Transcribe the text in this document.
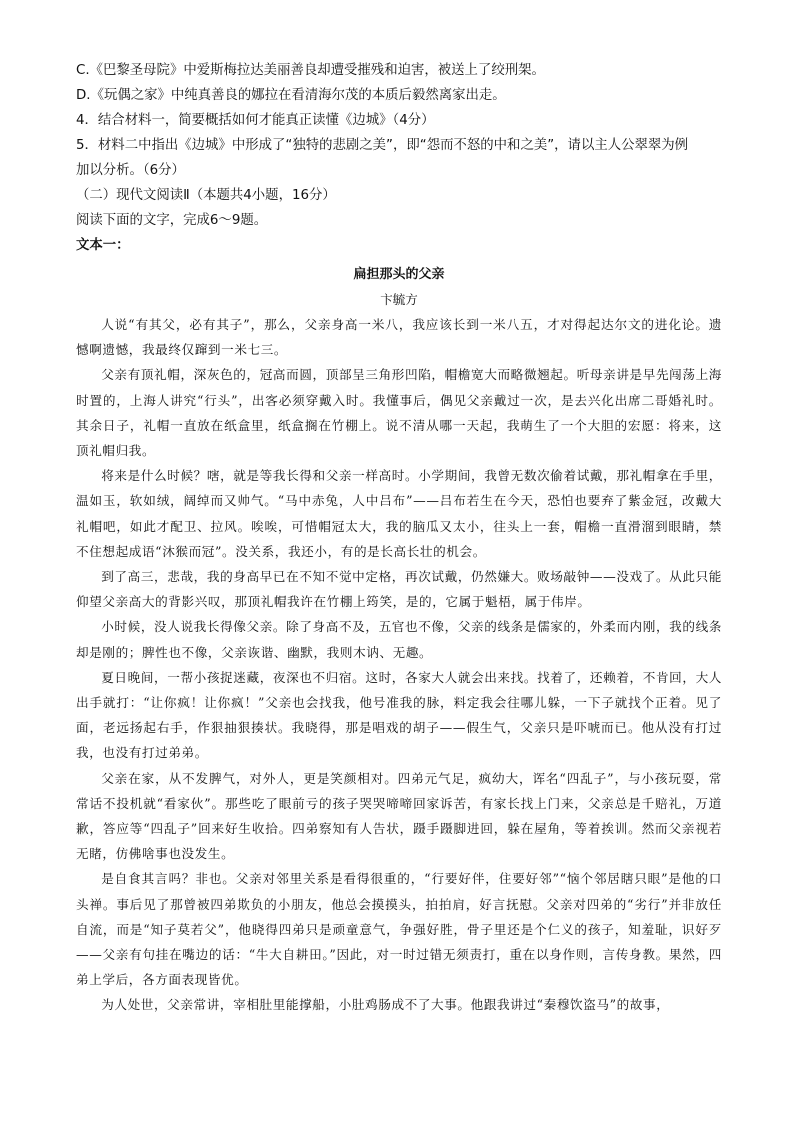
C.《巴黎圣母院》中爱斯梅拉达美丽善良却遭受摧残和迫害，被送上了绞刑架。
D.《玩偶之家》中纯真善良的娜拉在看清海尔茂的本质后毅然离家出走。
4．结合材料一，简要概括如何才能真正读懂《边城》（4分）
5．材料二中指出《边城》中形成了“独特的悲剧之美”，即“怨而不怒的中和之美”，请以主人公翠翠为例
加以分析。（6分）
（二）现代文阅读Ⅱ（本题共4小题，16分）
阅读下面的文字，完成6～9题。
文本一：
扁担那头的父亲
卞毓方

人说“有其父，必有其子”，那么，父亲身高一米八，我应该长到一米八五，才对得起达尔文的进化论。遗憾啊遗憾，我最终仅蹿到一米七三。

父亲有顶礼帽，深灰色的，冠高而圆，顶部呈三角形凹陷，帽檐宽大而略微翘起。听母亲讲是早先闯荡上海时置的，上海人讲究“行头”，出客必须穿戴入时。我懂事后，偶见父亲戴过一次，是去兴化出席二哥婚礼时。其余日子，礼帽一直放在纸盒里，纸盒搁在竹棚上。说不清从哪一天起，我萌生了一个大胆的宏愿：将来，这顶礼帽归我。

将来是什么时候？嗐，就是等我长得和父亲一样高时。小学期间，我曾无数次偷着试戴，那礼帽拿在手里，温如玉，软如绒，阔绰而又帅气。“马中赤兔，人中吕布”——吕布若生在今天，恐怕也要弃了紫金冠，改戴大礼帽吧，如此才配卫、拉风。唉唉，可惜帽冠太大，我的脑瓜又太小，往头上一套，帽檐一直滑溜到眼睛，禁不住想起成语“沐猴而冠”。没关系，我还小，有的是长高长壮的机会。

到了高三，悲哉，我的身高早已在不知不觉中定格，再次试戴，仍然嫌大。败场敲钟——没戏了。从此只能仰望父亲高大的背影兴叹，那顶礼帽我许在竹棚上筠笑，是的，它属于魁梧，属于伟岸。

小时候，没人说我长得像父亲。除了身高不及，五官也不像，父亲的线条是儒家的，外柔而内刚，我的线条却是刚的；脾性也不像，父亲诙谐、幽默，我则木讷、无趣。

夏日晚间，一帮小孩捉迷藏，夜深也不归宿。这时，各家大人就会出来找。找着了，还赖着，不肯回，大人出手就打：“让你疯！让你疯！”父亲也会找我，他号准我的脉，料定我会往哪儿躲，一下子就找个正着。见了面，老远扬起右手，作狠抽狠揍状。我晓得，那是唱戏的胡子——假生气，父亲只是吓唬而已。他从没有打过我，也没有打过弟弟。

父亲在家，从不发脾气，对外人，更是笑颜相对。四弟元气足，疯幼大，诨名“四乱子”，与小孩玩耍，常常话不投机就“看家伙”。那些吃了眼前亏的孩子哭哭啼啼回家诉苦，有家长找上门来，父亲总是千赔礼，万道歉，答应等“四乱子”回来好生收拾。四弟察知有人告状，蹑手蹑脚进回，躲在屋角，等着挨训。然而父亲视若无睹，仿佛啥事也没发生。

是自食其言吗？非也。父亲对邻里关系是看得很重的，“行要好伴，住要好邻”“恼个邻居瞎只眼”是他的口头禅。事后见了那曾被四弟欺负的小朋友，他总会摸摸头，拍拍肩，好言抚慰。父亲对四弟的“劣行”并非放任自流，而是“知子莫若父”，他晓得四弟只是顽童意气，争强好胜，骨子里还是个仁义的孩子，知羞耻，识好歹——父亲有句挂在嘴边的话：“牛大自耕田。”因此，对一时过错无须责打，重在以身作则，言传身教。果然，四弟上学后，各方面表现皆优。

为人处世，父亲常讲，宰相肚里能撑船，小肚鸡肠成不了大事。他跟我讲过“秦穆饮盗马”的故事，
